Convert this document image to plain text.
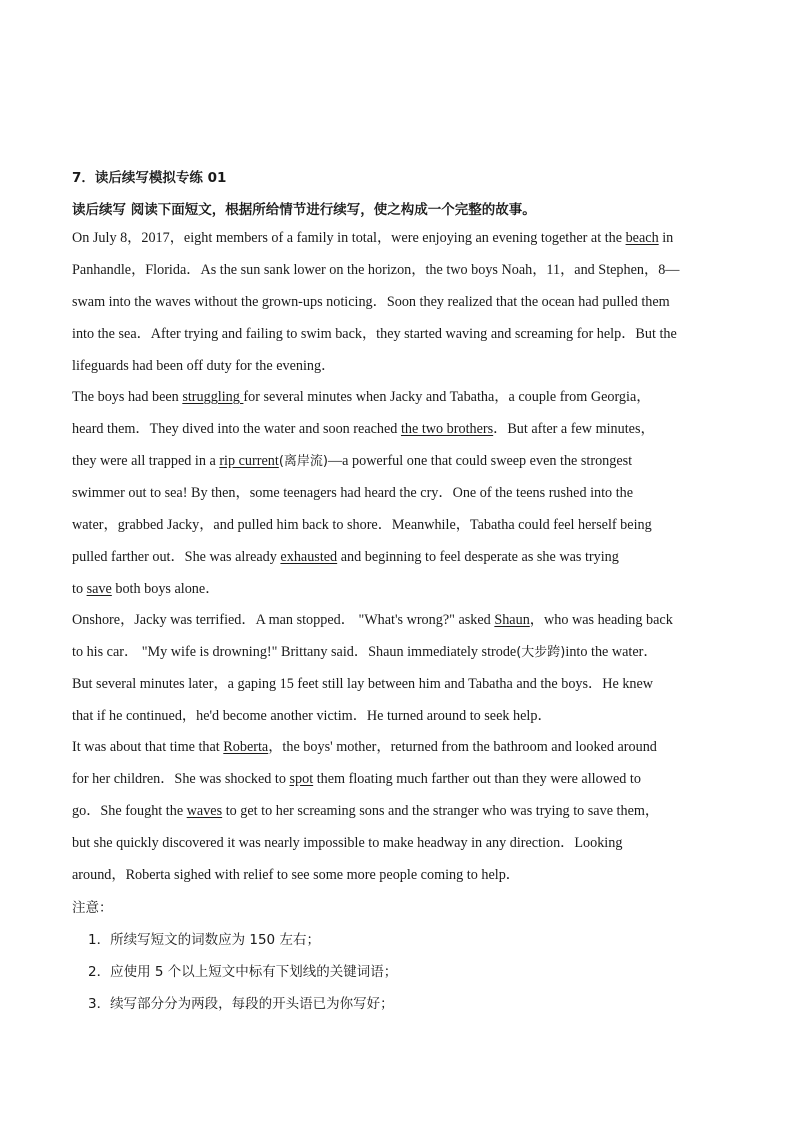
7．读后续写模拟专练 01
读后续写 阅读下面短文，根据所给情节进行续写，使之构成一个完整的故事。
On July 8，2017，eight members of a family in total，were enjoying an evening together at the beach in
Panhandle，Florida．As the sun sank lower on the horizon，the two boys Noah，11，and Stephen，8—
swam into the waves without the grown-ups noticing．Soon they realized that the ocean had pulled them
into the sea．After trying and failing to swim back，they started waving and screaming for help．But the
lifeguards had been off duty for the evening．
The boys had been struggling for several minutes when Jacky and Tabatha，a couple from Georgia，
heard them．They dived into the water and soon reached the two brothers．But after a few minutes，
they were all trapped in a rip current(离岸流)—a powerful one that could sweep even the strongest
swimmer out to sea! By then，some teenagers had heard the cry．One of the teens rushed into the
water，grabbed Jacky，and pulled him back to shore．Meanwhile，Tabatha could feel herself being
pulled farther out．She was already exhausted and beginning to feel desperate as she was trying
to save both boys alone．
Onshore，Jacky was terrified．A man stopped． "What's wrong?" asked Shaun，who was heading back
to his car． "My wife is drowning!" Brittany said．Shaun immediately strode(大步跨)into the water．
But several minutes later，a gaping 15 feet still lay between him and Tabatha and the boys．He knew
that if he continued，he'd become another victim．He turned around to seek help．
It was about that time that Roberta，the boys' mother，returned from the bathroom and looked around
for her children．She was shocked to spot them floating much farther out than they were allowed to
go．She fought the waves to get to her screaming sons and the stranger who was trying to save them，
but she quickly discovered it was nearly impossible to make headway in any direction．Looking
around，Roberta sighed with relief to see some more people coming to help．
注意：
1．所续写短文的词数应为 150 左右；
2．应使用 5 个以上短文中标有下划线的关键词语；
3．续写部分分为两段，每段的开头语已为你写好；
